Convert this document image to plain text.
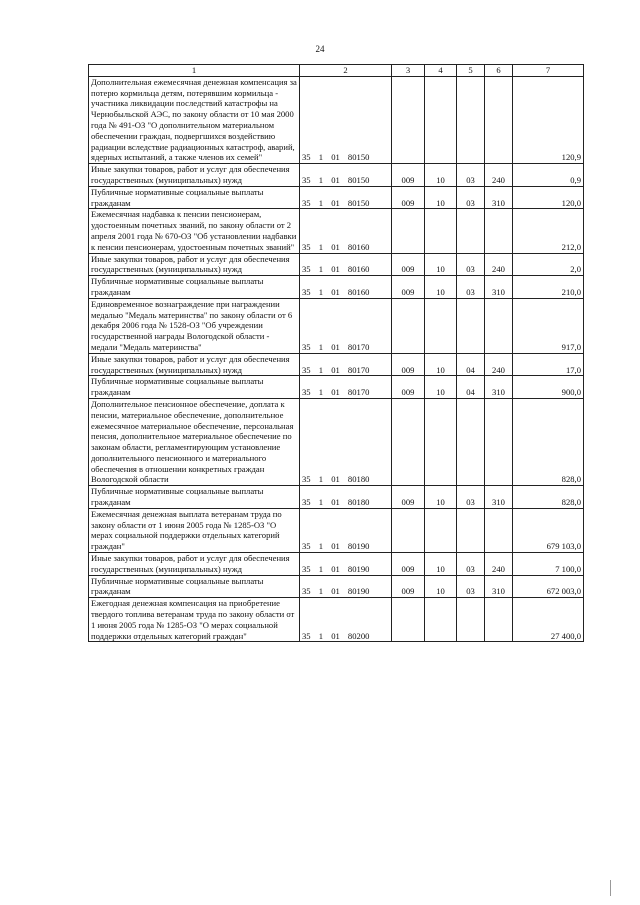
24
1	2	3	4	5	6	7
Дополнительная ежемесячная денежная компенсация за потерю кормильца детям, потерявшим кормильца - участника ликвидации последствий катастрофы на Чернобыльской АЭС, по закону области от 10 мая 2000 года № 491-ОЗ "О дополнительном материальном обеспечении граждан, подвергшихся воздействию радиации вследствие радиационных катастроф, аварий, ядерных испытаний, а также членов их семей"	35 1 01 80150					120,9
Иные закупки товаров, работ и услуг для обеспечения государственных (муниципальных) нужд	35 1 01 80150	009	10	03	240	0,9
Публичные нормативные социальные выплаты гражданам	35 1 01 80150	009	10	03	310	120,0
Ежемесячная надбавка к пенсии пенсионерам, удостоенным почетных званий, по закону области от 2 апреля 2001 года № 670-ОЗ "Об установлении надбавки к пенсии пенсионерам, удостоенным почетных званий"	35 1 01 80160					212,0
Иные закупки товаров, работ и услуг для обеспечения государственных (муниципальных) нужд	35 1 01 80160	009	10	03	240	2,0
Публичные нормативные социальные выплаты гражданам	35 1 01 80160	009	10	03	310	210,0
Единовременное вознаграждение при награждении медалью "Медаль материнства" по закону области от 6 декабря 2006 года № 1528-ОЗ "Об учреждении государственной награды Вологодской области - медали "Медаль материнства"	35 1 01 80170					917,0
Иные закупки товаров, работ и услуг для обеспечения государственных (муниципальных) нужд	35 1 01 80170	009	10	04	240	17,0
Публичные нормативные социальные выплаты гражданам	35 1 01 80170	009	10	04	310	900,0
Дополнительное пенсионное обеспечение, доплата к пенсии, материальное обеспечение, дополнительное ежемесячное материальное обеспечение, персональная пенсия, дополнительное материальное обеспечение по законам области, регламентирующим установление дополнительного пенсионного и материального обеспечения в отношении конкретных граждан Вологодской области	35 1 01 80180					828,0
Публичные нормативные социальные выплаты гражданам	35 1 01 80180	009	10	03	310	828,0
Ежемесячная денежная выплата ветеранам труда по закону области от 1 июня 2005 года № 1285-ОЗ "О мерах социальной поддержки отдельных категорий граждан"	35 1 01 80190					679 103,0
Иные закупки товаров, работ и услуг для обеспечения государственных (муниципальных) нужд	35 1 01 80190	009	10	03	240	7 100,0
Публичные нормативные социальные выплаты гражданам	35 1 01 80190	009	10	03	310	672 003,0
Ежегодная денежная компенсация на приобретение твердого топлива ветеранам труда по закону области от 1 июня 2005 года № 1285-ОЗ "О мерах социальной поддержки отдельных категорий граждан"	35 1 01 80200					27 400,0
